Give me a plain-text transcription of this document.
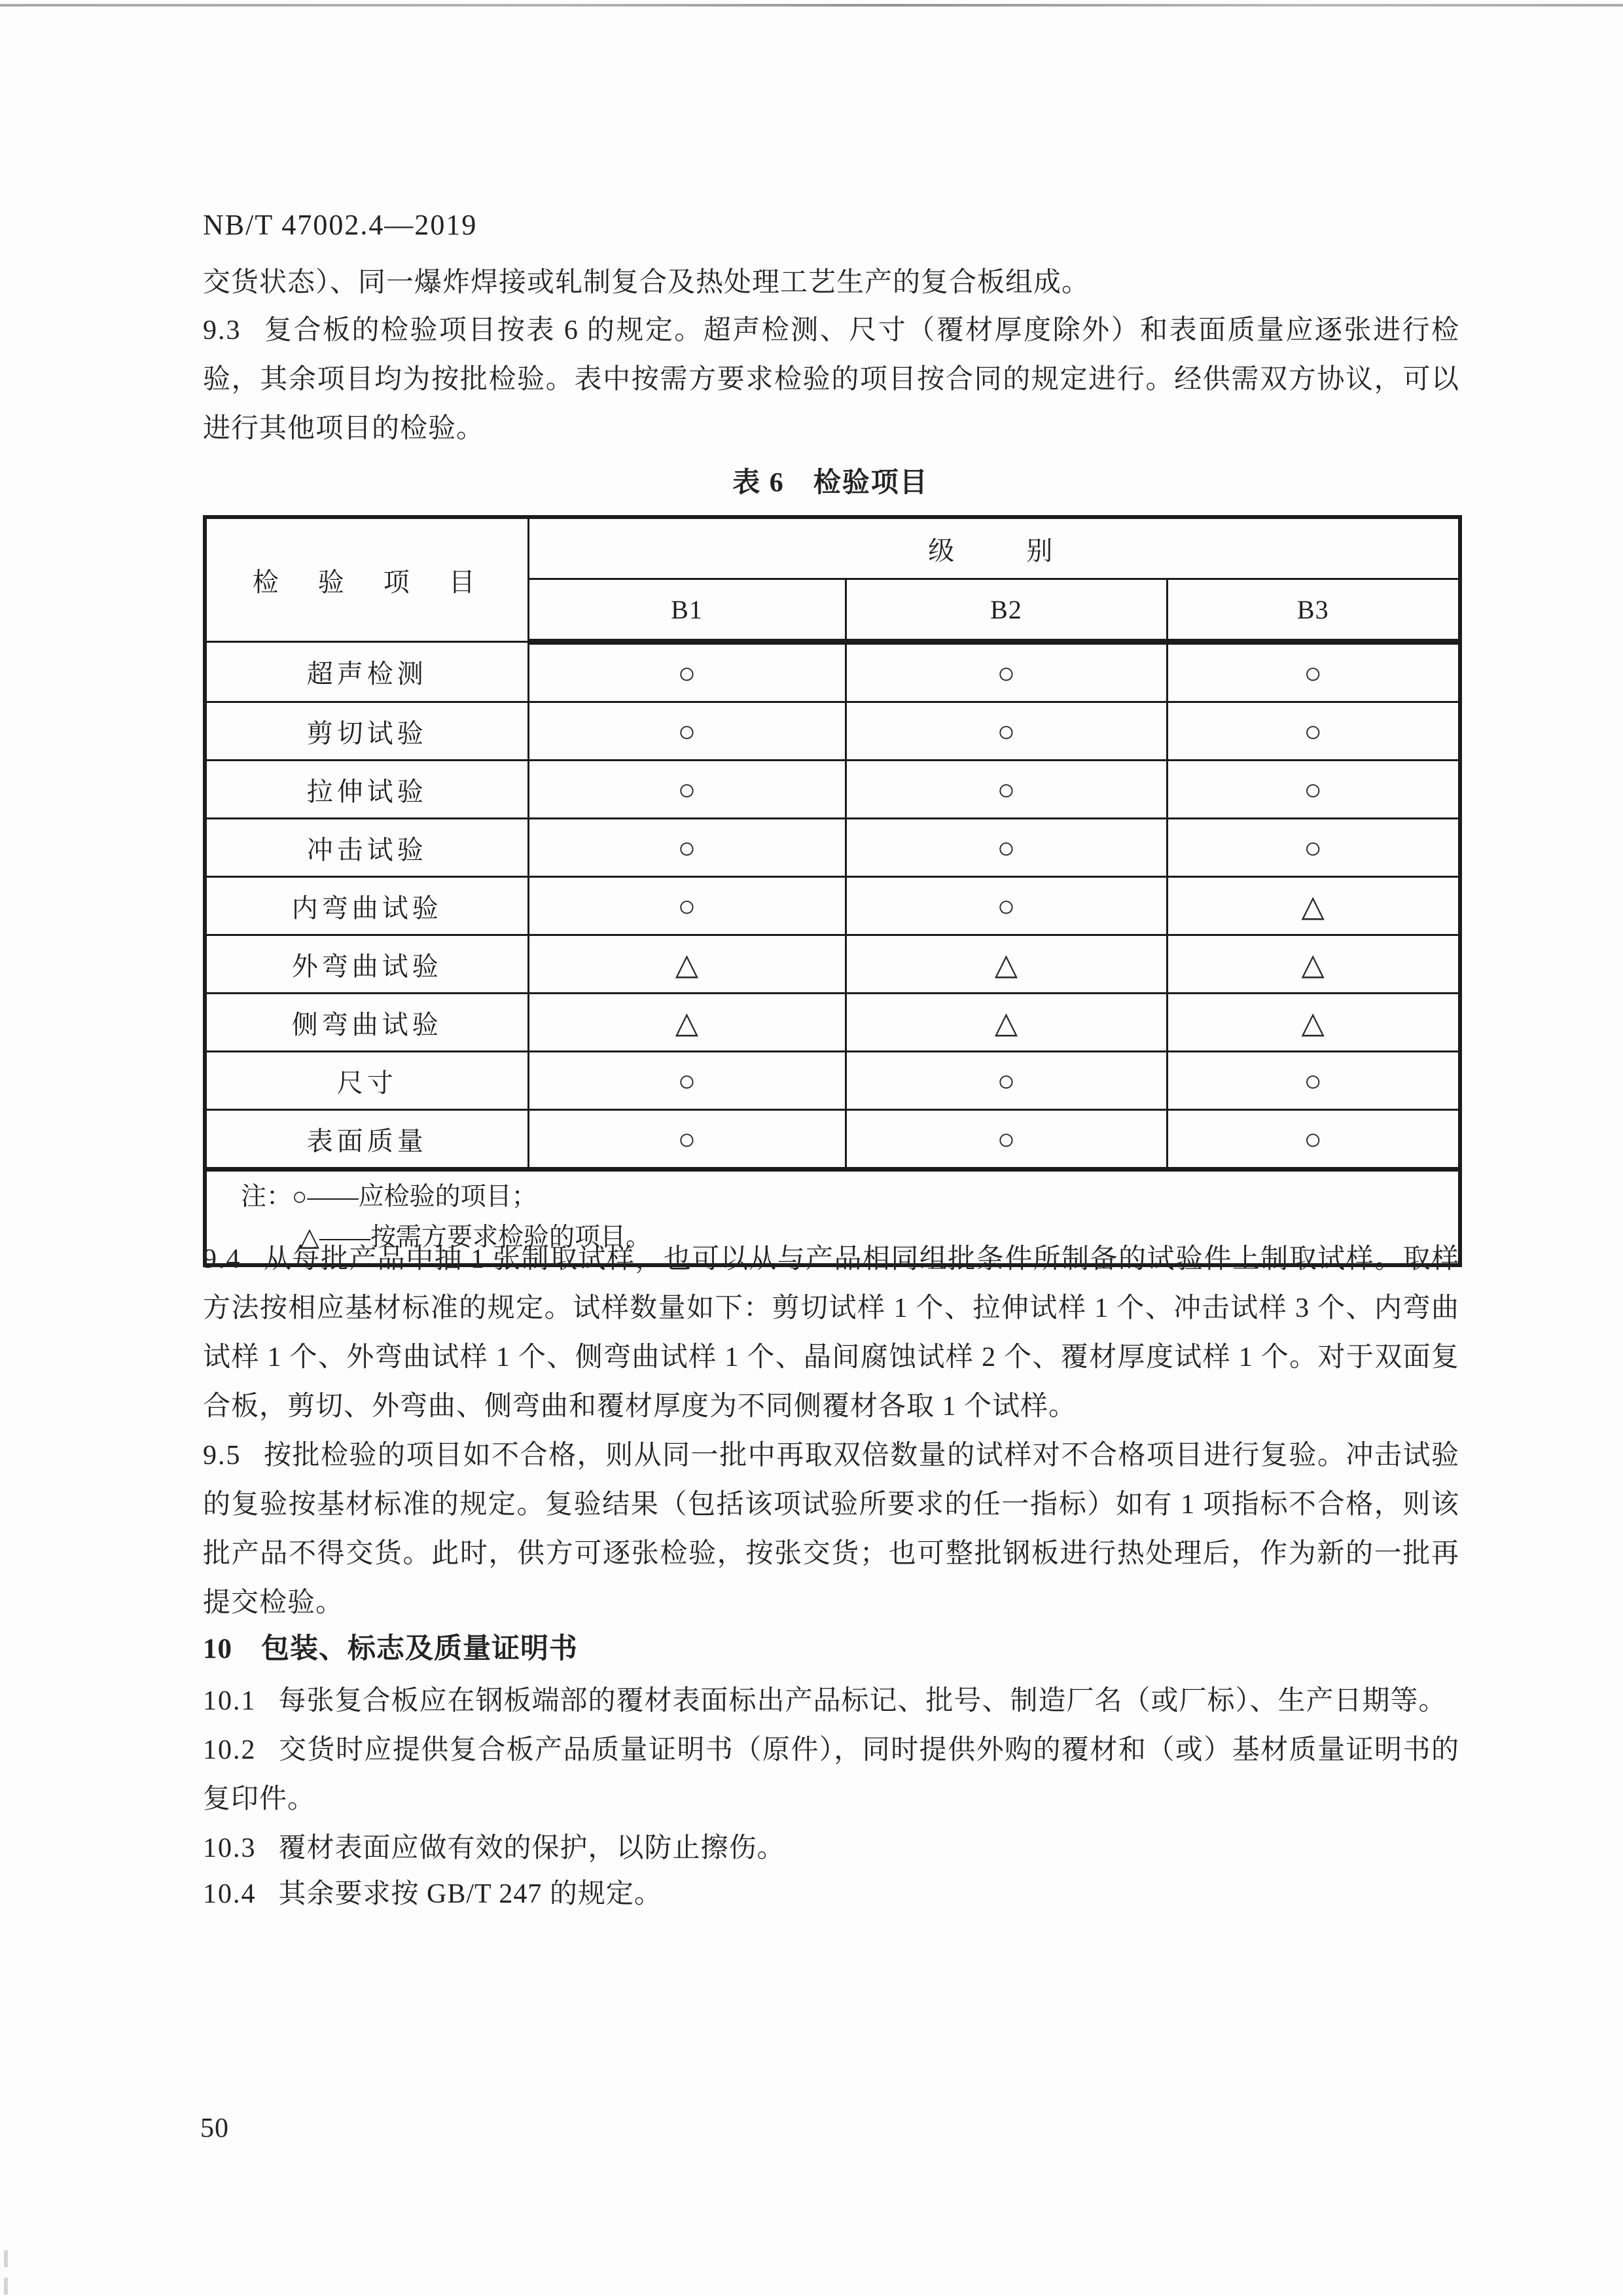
NB/T 47002.4—2019
交货状态）、同一爆炸焊接或轧制复合及热处理工艺生产的复合板组成。
9.3 复合板的检验项目按表 6 的规定。超声检测、尺寸（覆材厚度除外）和表面质量应逐张进行检验，其余项目均为按批检验。表中按需方要求检验的项目按合同的规定进行。经供需双方协议，可以进行其他项目的检验。
表 6　检验项目
检　验　项　目	级　　别		
	B1	B2	B3
超声检测	○	○	○
剪切试验	○	○	○
拉伸试验	○	○	○
冲击试验	○	○	○
内弯曲试验	○	○	△
外弯曲试验	△	△	△
侧弯曲试验	△	△	△
尺寸	○	○	○
表面质量	○	○	○

注：○——应检验的项目；
△——按需方要求检验的项目。			
9.4 从每批产品中抽 1 张制取试样，也可以从与产品相同组批条件所制备的试验件上制取试样。取样方法按相应基材标准的规定。试样数量如下：剪切试样 1 个、拉伸试样 1 个、冲击试样 3 个、内弯曲试样 1 个、外弯曲试样 1 个、侧弯曲试样 1 个、晶间腐蚀试样 2 个、覆材厚度试样 1 个。对于双面复合板，剪切、外弯曲、侧弯曲和覆材厚度为不同侧覆材各取 1 个试样。
9.5 按批检验的项目如不合格，则从同一批中再取双倍数量的试样对不合格项目进行复验。冲击试验的复验按基材标准的规定。复验结果（包括该项试验所要求的任一指标）如有 1 项指标不合格，则该批产品不得交货。此时，供方可逐张检验，按张交货；也可整批钢板进行热处理后，作为新的一批再提交检验。
10 包装、标志及质量证明书
10.1 每张复合板应在钢板端部的覆材表面标出产品标记、批号、制造厂名（或厂标）、生产日期等。
10.2 交货时应提供复合板产品质量证明书（原件），同时提供外购的覆材和（或）基材质量证明书的复印件。
10.3 覆材表面应做有效的保护，以防止擦伤。
10.4 其余要求按 GB/T 247 的规定。
50
